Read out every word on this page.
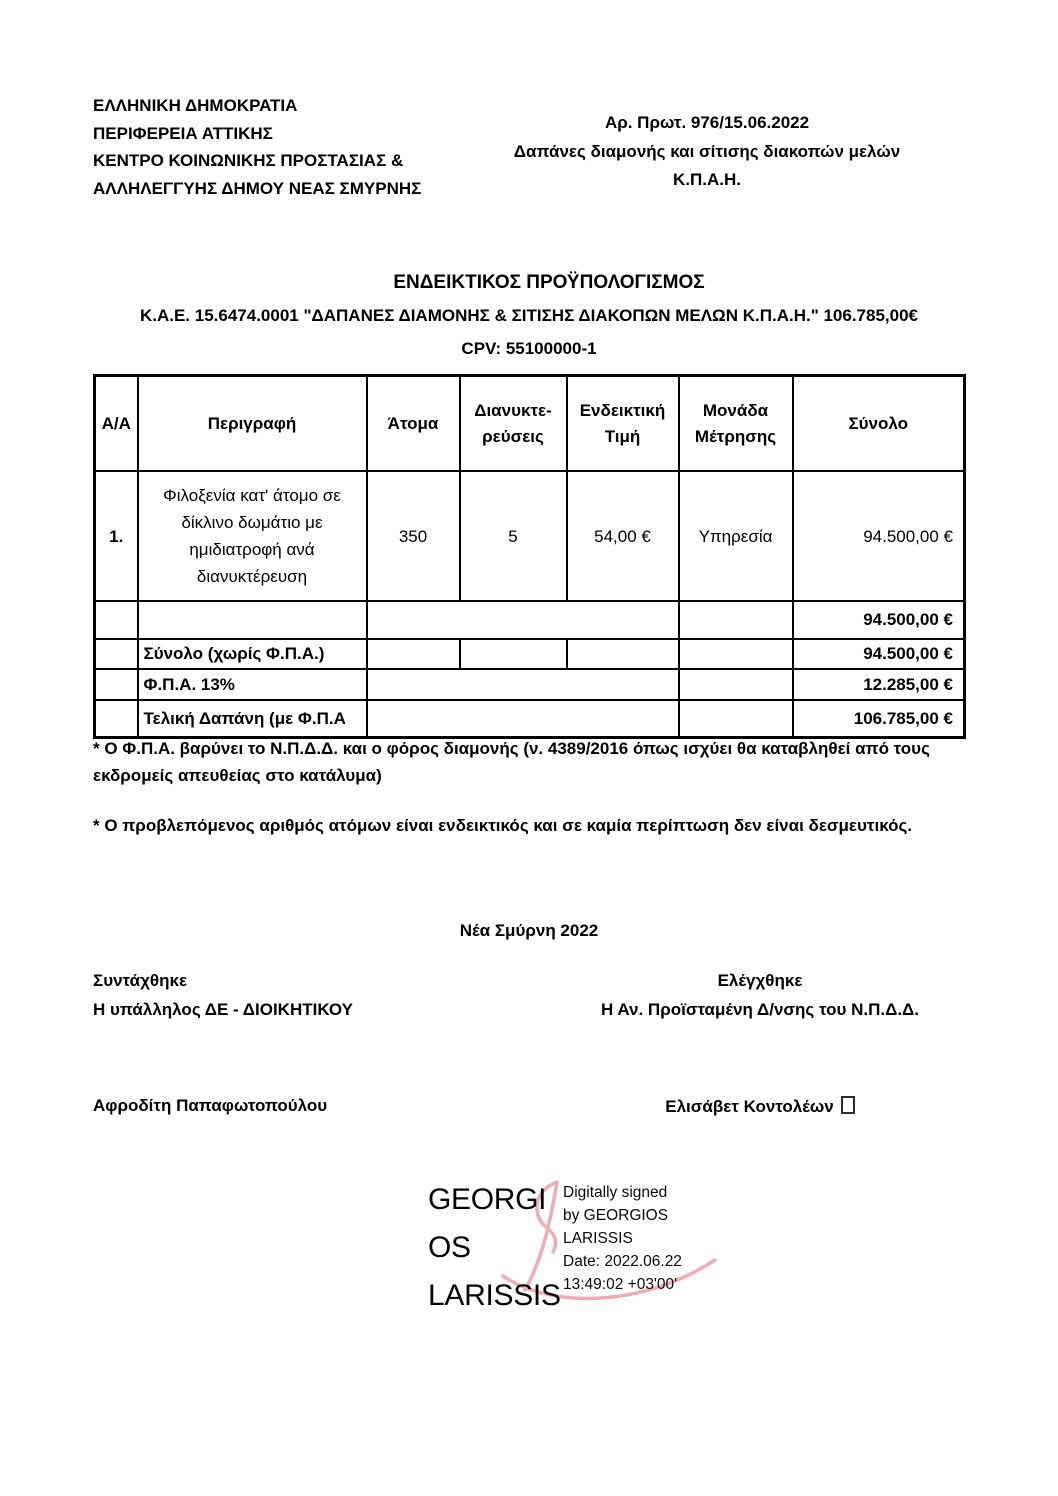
ΕΛΛΗΝΙΚΗ ΔΗΜΟΚΡΑΤΙΑ
ΠΕΡΙΦΕΡΕΙΑ ΑΤΤΙΚΗΣ
ΚΕΝΤΡΟ ΚΟΙΝΩΝΙΚΗΣ ΠΡΟΣΤΑΣΙΑΣ &
ΑΛΛΗΛΕΓΓΥΗΣ ΔΗΜΟΥ ΝΕΑΣ ΣΜΥΡΝΗΣ
Αρ. Πρωτ. 976/15.06.2022
Δαπάνες διαμονής και σίτισης διακοπών μελών
Κ.Π.Α.Η.
ΕΝΔΕΙΚΤΙΚΟΣ ΠΡΟΫΠΟΛΟΓΙΣΜΟΣ
Κ.Α.Ε. 15.6474.0001 "ΔΑΠΑΝΕΣ ΔΙΑΜΟΝΗΣ & ΣΙΤΙΣΗΣ ΔΙΑΚΟΠΩΝ ΜΕΛΩΝ Κ.Π.Α.Η." 106.785,00€
CPV: 55100000-1
Α/Α	Περιγραφή	Άτομα	Διανυκτε-ρεύσεις	Ενδεικτική Τιμή	Μονάδα Μέτρησης	Σύνολο
1.	Φιλοξενία κατ' άτομο σε δίκλινο δωμάτιο με ημιδιατροφή ανά διανυκτέρευση	350	5	54,00 €	Υπηρεσία	94.500,00 €
						94.500,00 €
	Σύνολο (χωρίς Φ.Π.Α.)					94.500,00 €
	Φ.Π.Α. 13%					12.285,00 €
	Τελική Δαπάνη (με Φ.Π.Α					106.785,00 €
* Ο Φ.Π.Α. βαρύνει το Ν.Π.Δ.Δ. και ο φόρος διαμονής (ν. 4389/2016 όπως ισχύει θα καταβληθεί από τους εκδρομείς απευθείας στο κατάλυμα)
* Ο προβλεπόμενος αριθμός ατόμων είναι ενδεικτικός και σε καμία περίπτωση δεν είναι δεσμευτικός.
Νέα Σμύρνη 2022
Συντάχθηκε
Η υπάλληλος ΔΕ - ΔΙΟΙΚΗΤΙΚΟΥ
Ελέγχθηκε
Η Αν. Προϊσταμένη Δ/νσης του Ν.Π.Δ.Δ.
Αφροδίτη Παπαφωτοπούλου	Ελισάβετ Κοντολέων
GEORGI
OS
LARISSIS
Digitally signed
by GEORGIOS
LARISSIS
Date: 2022.06.22
13:49:02 +03'00'
